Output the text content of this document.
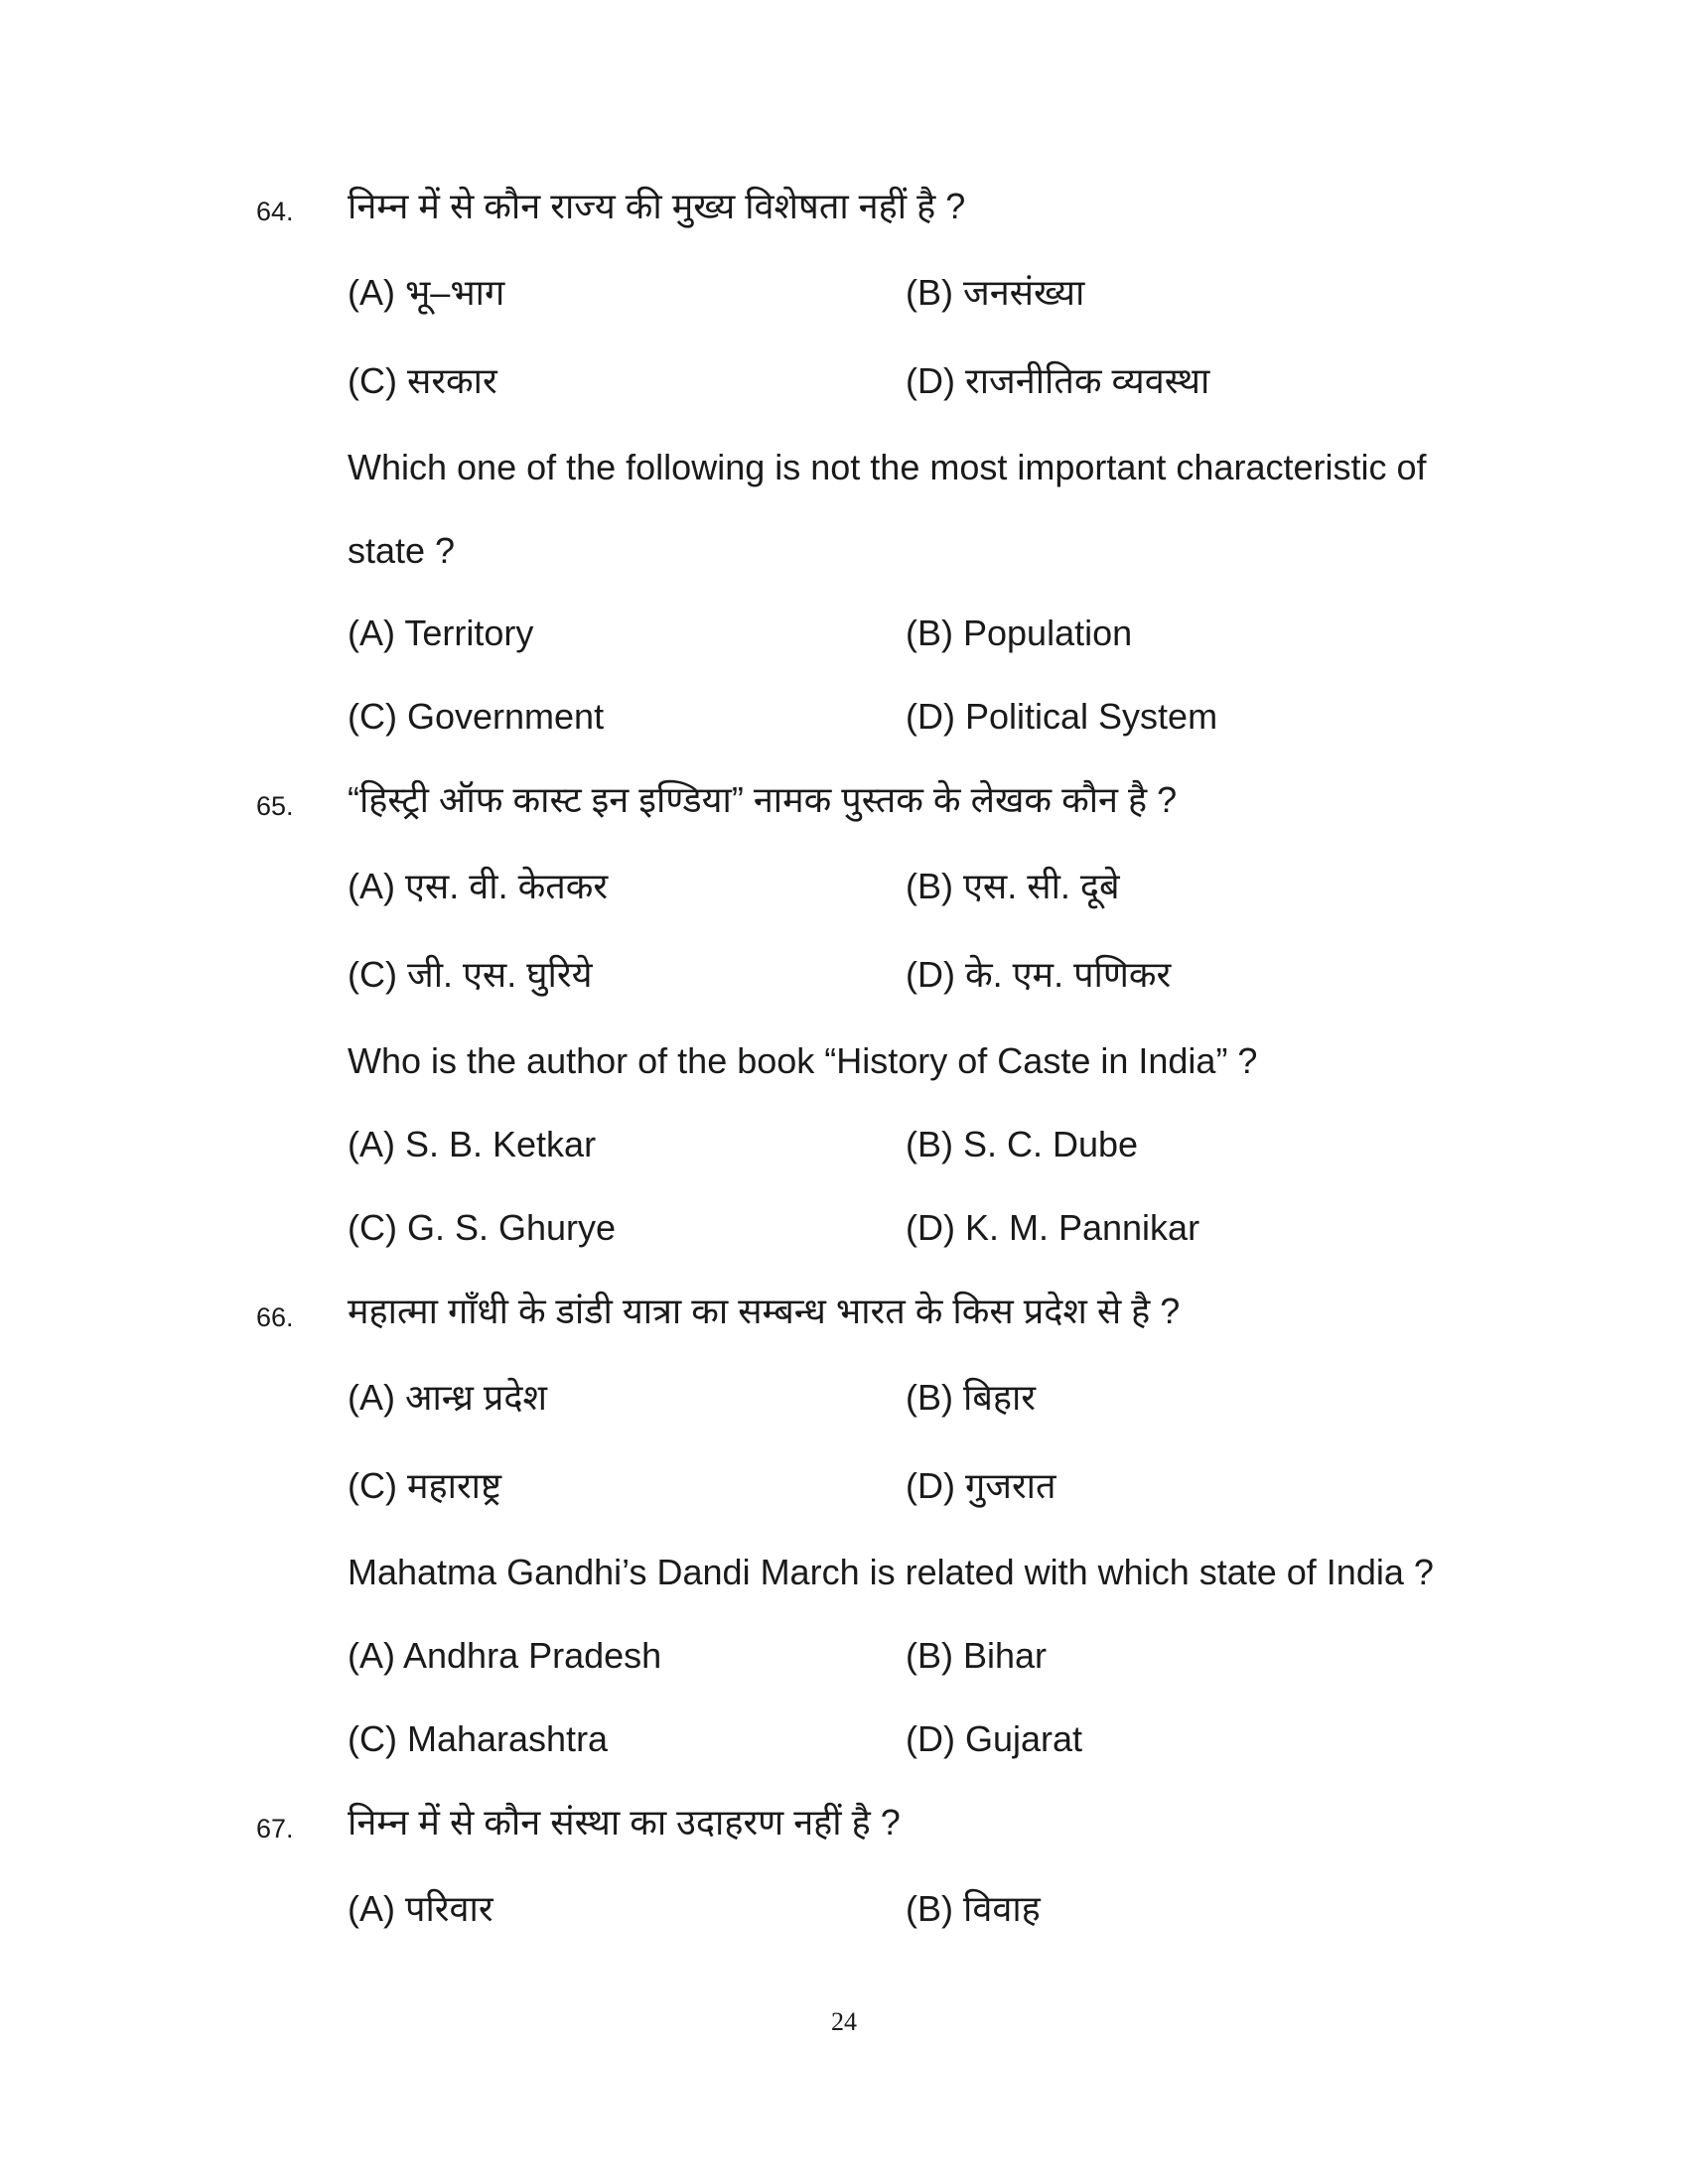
64. निम्न में से कौन राज्य की मुख्य विशेषता नहीं है ?
(A) भू–भाग	(B) जनसंख्या
(C) सरकार	(D) राजनीतिक व्यवस्था
Which one of the following is not the most important characteristic of
state ?
(A) Territory	(B) Population
(C) Government	(D) Political System
65. “हिस्ट्री ऑफ कास्ट इन इण्डिया” नामक पुस्तक के लेखक कौन है ?
(A) एस. वी. केतकर	(B) एस. सी. दूबे
(C) जी. एस. घुरिये	(D) के. एम. पणिकर
Who is the author of the book “History of Caste in India” ?
(A) S. B. Ketkar	(B) S. C. Dube
(C) G. S. Ghurye	(D) K. M. Pannikar
66. महात्मा गाँधी के डांडी यात्रा का सम्बन्ध भारत के किस प्रदेश से है ?
(A) आन्ध्र प्रदेश	(B) बिहार
(C) महाराष्ट्र	(D) गुजरात
Mahatma Gandhi’s Dandi March is related with which state of India ?
(A) Andhra Pradesh	(B) Bihar
(C) Maharashtra	(D) Gujarat
67. निम्न में से कौन संस्था का उदाहरण नहीं है ?
(A) परिवार	(B) विवाह
24
